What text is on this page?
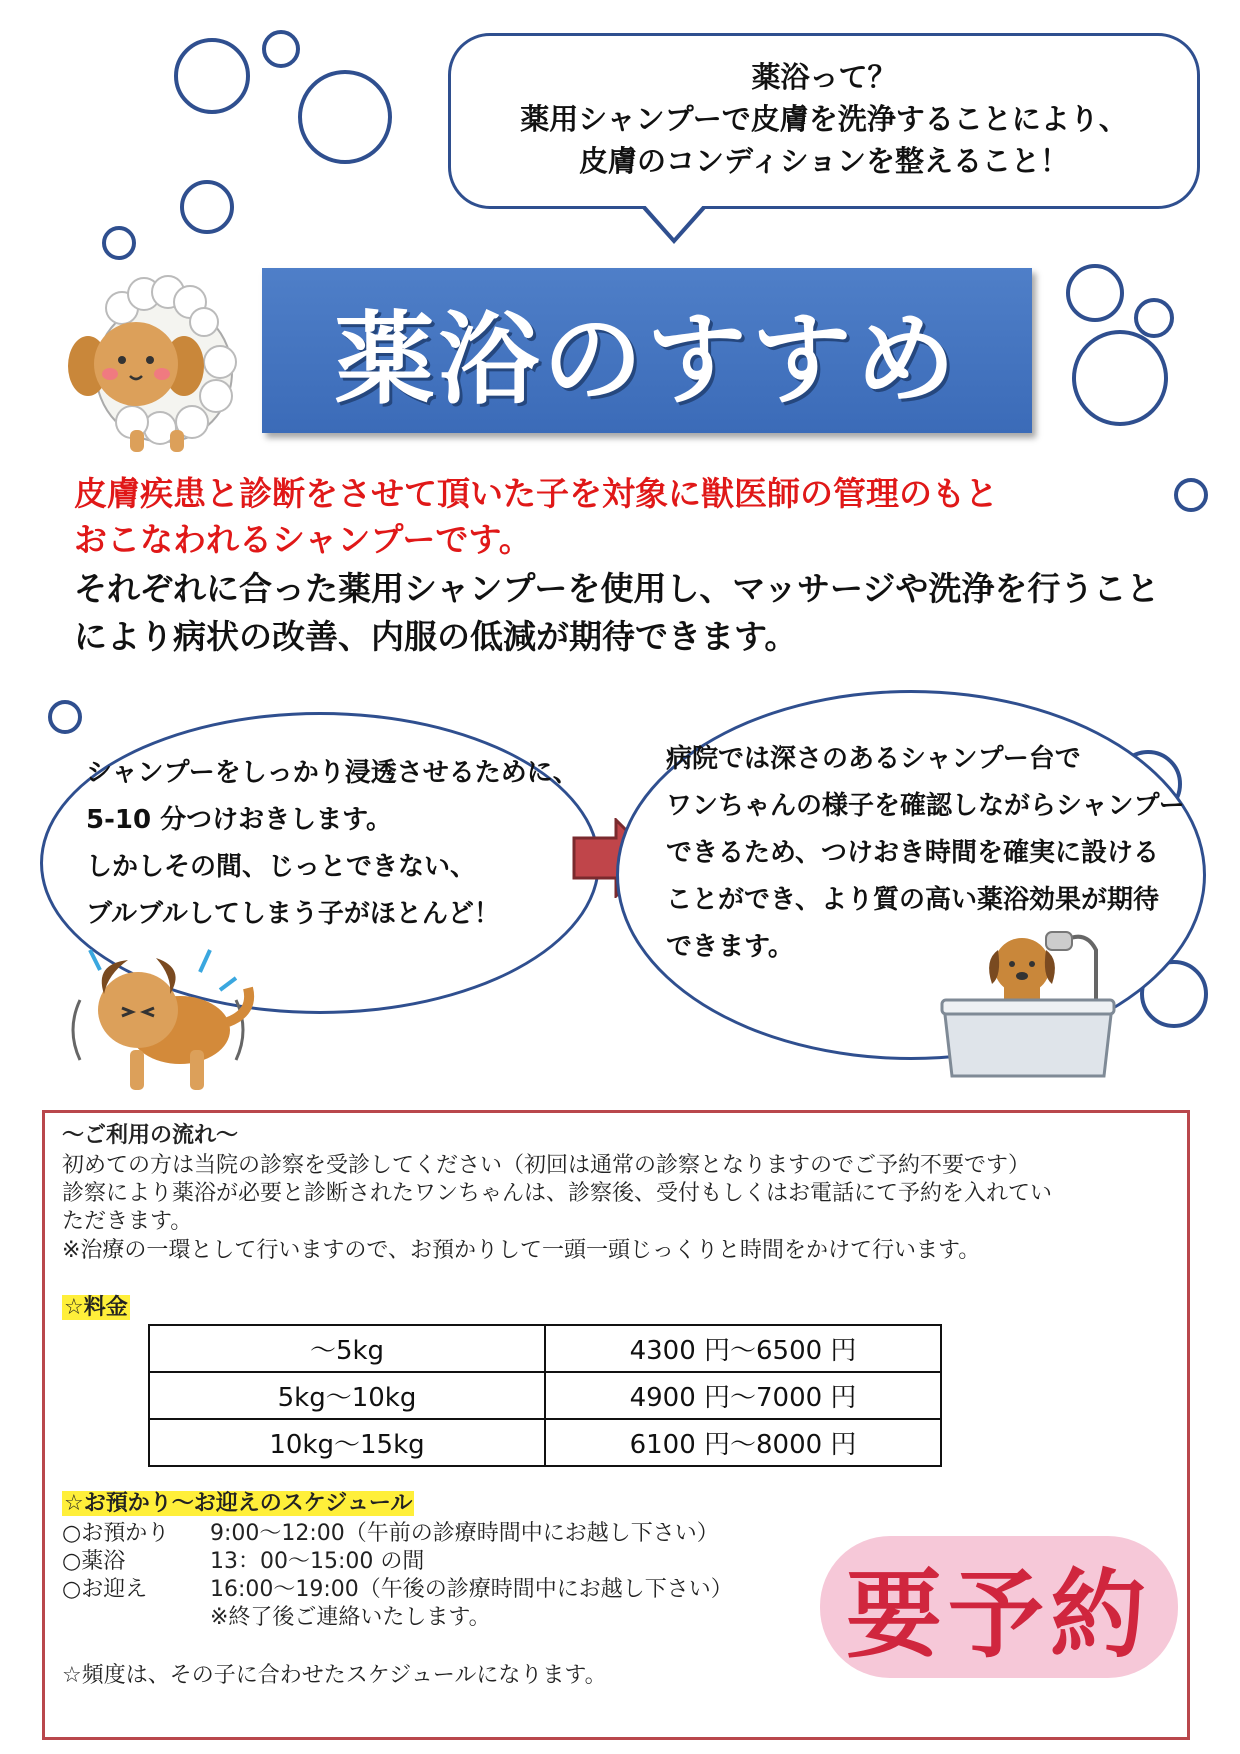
薬浴って？
薬用シャンプーで皮膚を洗浄することにより、
皮膚のコンディションを整えること！
薬浴のすすめ
皮膚疾患と診断をさせて頂いた子を対象に獣医師の管理のもと
おこなわれるシャンプーです。
それぞれに合った薬用シャンプーを使用し、マッサージや洗浄を行うこと
により病状の改善、内服の低減が期待できます。
シャンプーをしっかり浸透させるために、
5-10 分つけおきします。
しかしその間、じっとできない、
ブルブルしてしまう子がほとんど！
病院では深さのあるシャンプー台で
ワンちゃんの様子を確認しながらシャンプー
できるため、つけおき時間を確実に設ける
ことができ、より質の高い薬浴効果が期待
できます。
～ご利用の流れ～
初めての方は当院の診察を受診してください（初回は通常の診察となりますのでご予約不要です）
診察により薬浴が必要と診断されたワンちゃんは、診察後、受付もしくはお電話にて予約を入れてい
ただきます。
※治療の一環として行いますので、お預かりして一頭一頭じっくりと時間をかけて行います。
☆料金
～5kg	4300 円～6500 円
5kg～10kg	4900 円～7000 円
10kg～15kg	6100 円～8000 円
☆お預かり～お迎えのスケジュール
○お預かり 9:00～12:00（午前の診療時間中にお越し下さい）
○薬浴	13：00～15:00 の間
○お迎え	16:00～19:00（午後の診療時間中にお越し下さい）
※終了後ご連絡いたします。
☆頻度は、その子に合わせたスケジュールになります。
要予約
